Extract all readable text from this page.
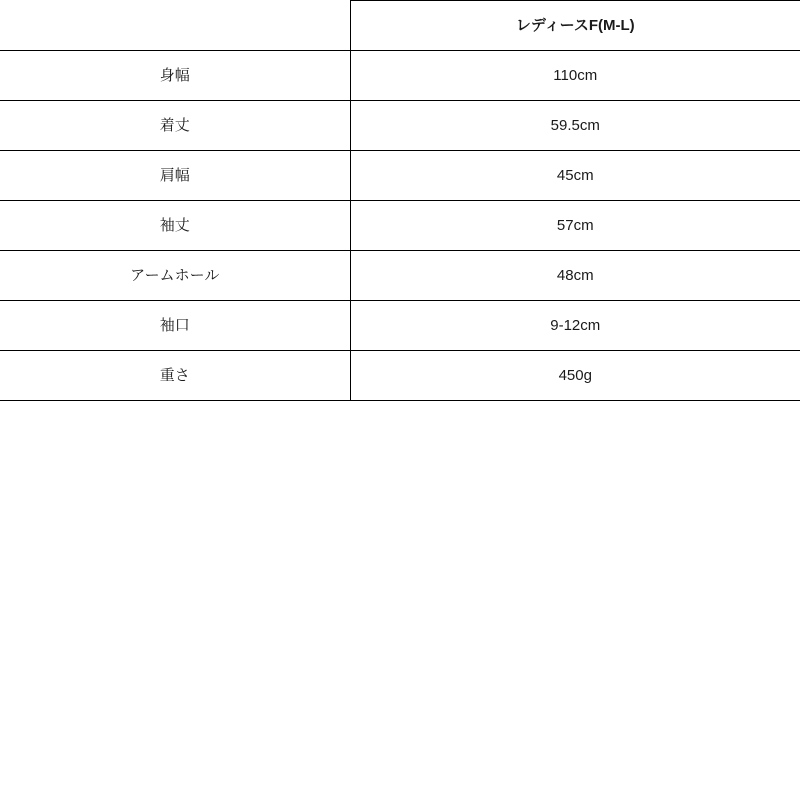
	レディースF(M-L)
身幅	110cm
着丈	59.5cm
肩幅	45cm
袖丈	57cm
アームホール	48cm
袖口	9-12cm
重さ	450g
